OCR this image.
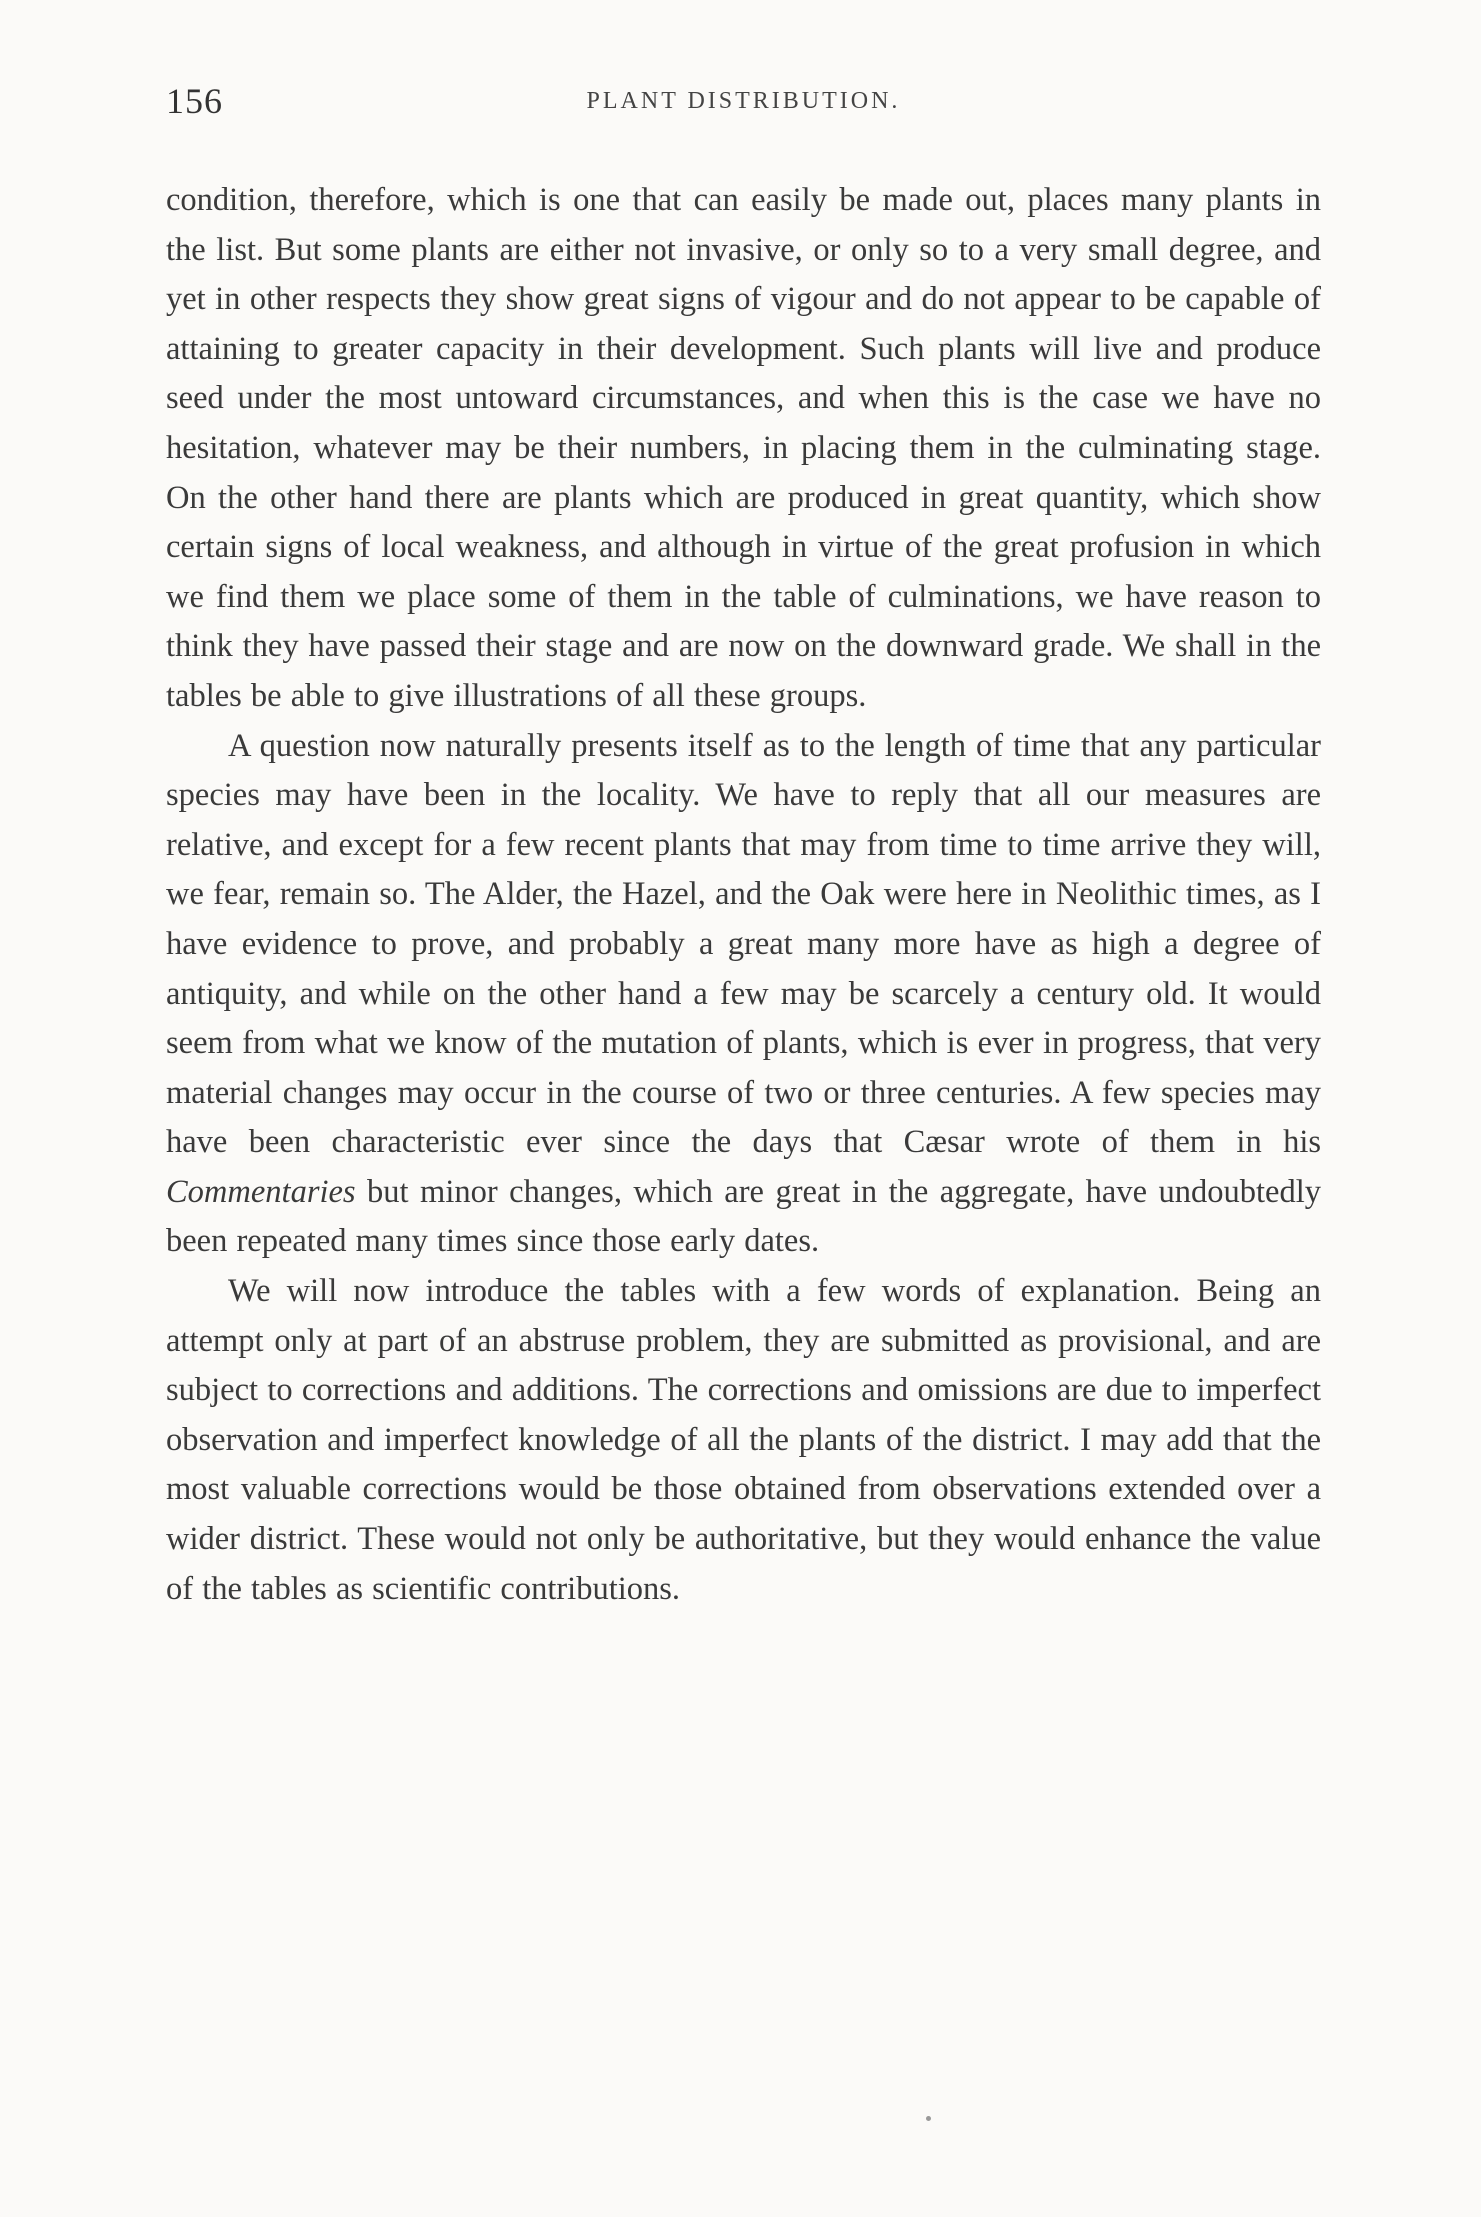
156	PLANT DISTRIBUTION.

condition, therefore, which is one that can easily be made out, places many plants in the list. But some plants are either not invasive, or only so to a very small degree, and yet in other respects they show great signs of vigour and do not appear to be capable of attaining to greater capacity in their development. Such plants will live and produce seed under the most untoward circumstances, and when this is the case we have no hesitation, whatever may be their numbers, in placing them in the culminating stage. On the other hand there are plants which are produced in great quantity, which show certain signs of local weakness, and although in virtue of the great profusion in which we find them we place some of them in the table of culminations, we have reason to think they have passed their stage and are now on the downward grade. We shall in the tables be able to give illustrations of all these groups.

A question now naturally presents itself as to the length of time that any particular species may have been in the locality. We have to reply that all our measures are relative, and except for a few recent plants that may from time to time arrive they will, we fear, remain so. The Alder, the Hazel, and the Oak were here in Neolithic times, as I have evidence to prove, and probably a great many more have as high a degree of antiquity, and while on the other hand a few may be scarcely a century old. It would seem from what we know of the mutation of plants, which is ever in progress, that very material changes may occur in the course of two or three centuries. A few species may have been characteristic ever since the days that Cæsar wrote of them in his Commentaries but minor changes, which are great in the aggregate, have undoubtedly been repeated many times since those early dates.

We will now introduce the tables with a few words of explanation. Being an attempt only at part of an abstruse problem, they are submitted as provisional, and are subject to corrections and additions. The corrections and omissions are due to imperfect observation and imperfect knowledge of all the plants of the district. I may add that the most valuable corrections would be those obtained from observations extended over a wider district. These would not only be authoritative, but they would enhance the value of the tables as scientific contributions.
